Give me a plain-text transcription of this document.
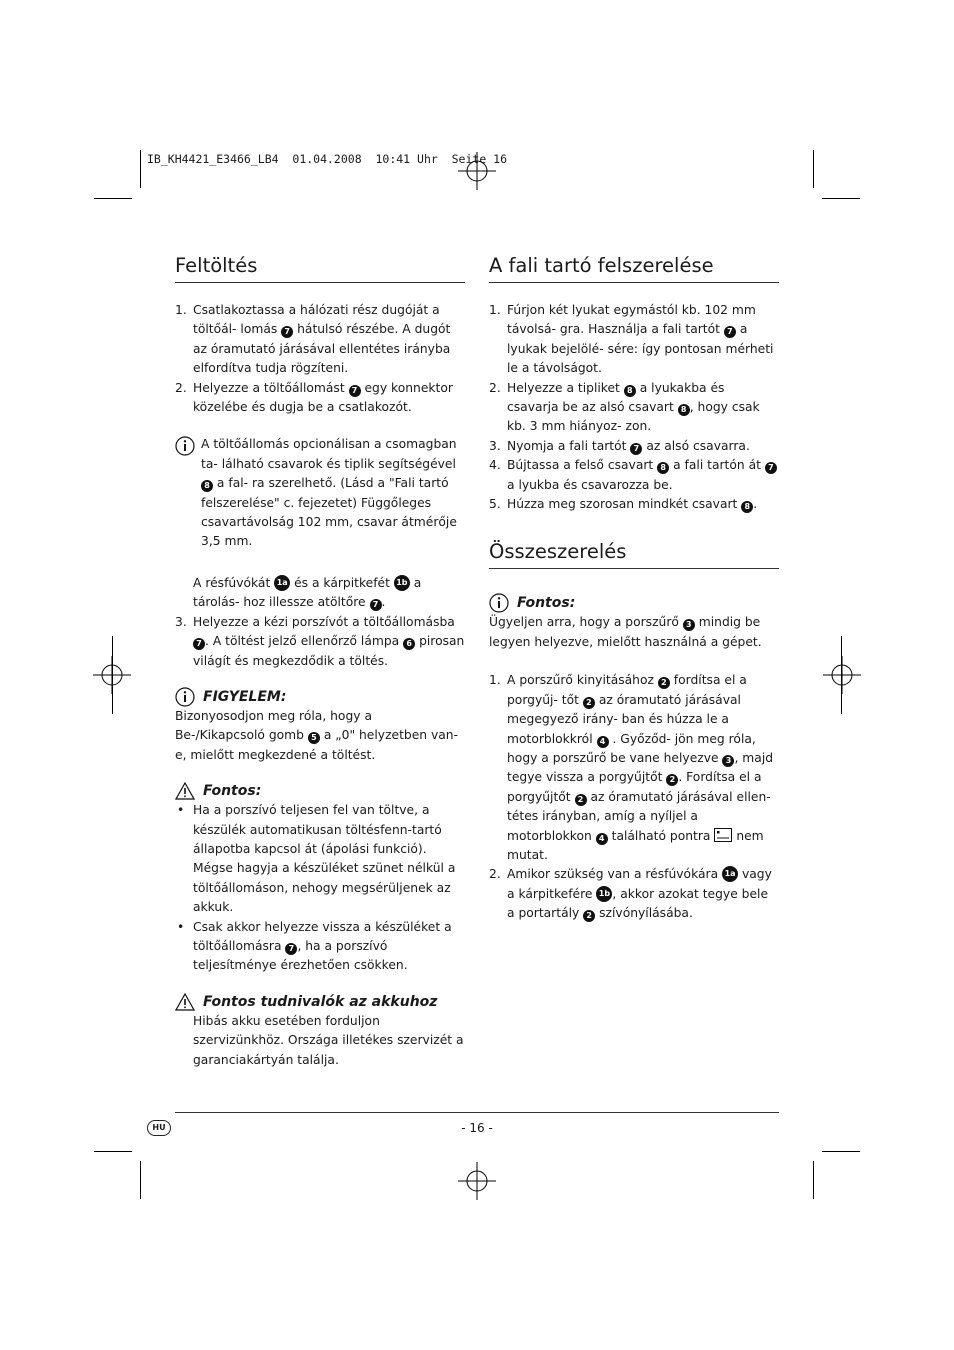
IB_KH4421_E3466_LB4  01.04.2008  10:41 Uhr  Seite 16
Feltöltés
1. Csatlakoztassa a hálózati rész dugóját a töltőál- lomás 7 hátulsó részébe. A dugót az óramutató járásával ellentétes irányba elfordítva tudja rögzíteni.
2. Helyezze a töltőállomást 7 egy konnektor közelébe és dugja be a csatlakozót.
A töltőállomás opcionálisan a csomagban ta- lálható csavarok és tiplik segítségével 8 a fal- ra szerelhető. (Lásd a "Fali tartó felszerelése" c. fejezetet) Függőleges csavartávolság 102 mm, csavar átmérője 3,5 mm.
A résfúvókát 1a és a kárpitkefét 1b a tárolás- hoz illessze atöltőre 7 .
3. Helyezze a kézi porszívót a töltőállomásba 7 . A töltést jelző ellenőrző lámpa 6 pirosan világít és megkezdődik a töltés.
FIGYELEM:

Bizonyosodjon meg róla, hogy a Be-/Kikapcsoló gomb 5 a „0" helyzetben van-e, mielőtt megkezdené a töltést.

Fontos:
• Ha a porszívó teljesen fel van töltve, a készülék automatikusan töltésfenn-tartó állapotba kapcsol át (ápolási funkció). Mégse hagyja a készüléket szünet nélkül a töltőállomáson, nehogy megsérüljenek az akkuk.
• Csak akkor helyezze vissza a készüléket a töltőállomásra 7 , ha a porszívó teljesítménye érezhetően csökken.
Fontos tudnivalók az akkuhoz

Hibás akku esetében forduljon szervizünkhöz. Országa illetékes szervizét a garanciakártyán találja.

A fali tartó felszerelése
1. Fúrjon két lyukat egymástól kb. 102 mm távolsá- gra. Használja a fali tartót 7 a lyukak bejelölé- sére: így pontosan mérheti le a távolságot.
2. Helyezze a tipliket 8 a lyukakba és csavarja be az alsó csavart 8 , hogy csak kb. 3 mm hiányoz- zon.
3. Nyomja a fali tartót 7 az alsó csavarra.
4. Bújtassa a felső csavart 8 a fali tartón át 7 a lyukba és csavarozza be.
5. Húzza meg szorosan mindkét csavart 8 .
Összeszerelés
Fontos:

Ügyeljen arra, hogy a porszűrő 3 mindig be legyen helyezve, mielőtt használná a gépet.

1. A porszűrő kinyitásához 2 fordítsa el a porgyűj- tőt 2 az óramutató járásával megegyező irány- ban és húzza le a motorblokkról 4 . Győződ- jön meg róla, hogy a porszűrő be vane helyezve 3 , majd tegye vissza a porgyűjtőt 2 . Fordítsa el a porgyűjtőt 2 az óramutató járásával ellen- tétes irányban, amíg a nyíljel a motorblokkon 4 található pontra nem mutat.
2. Amikor szükség van a résfúvókára 1a vagy a kárpitkefére 1b , akkor azokat tegye bele a portartály 2 szívónyílásába.
HU	- 16 -
